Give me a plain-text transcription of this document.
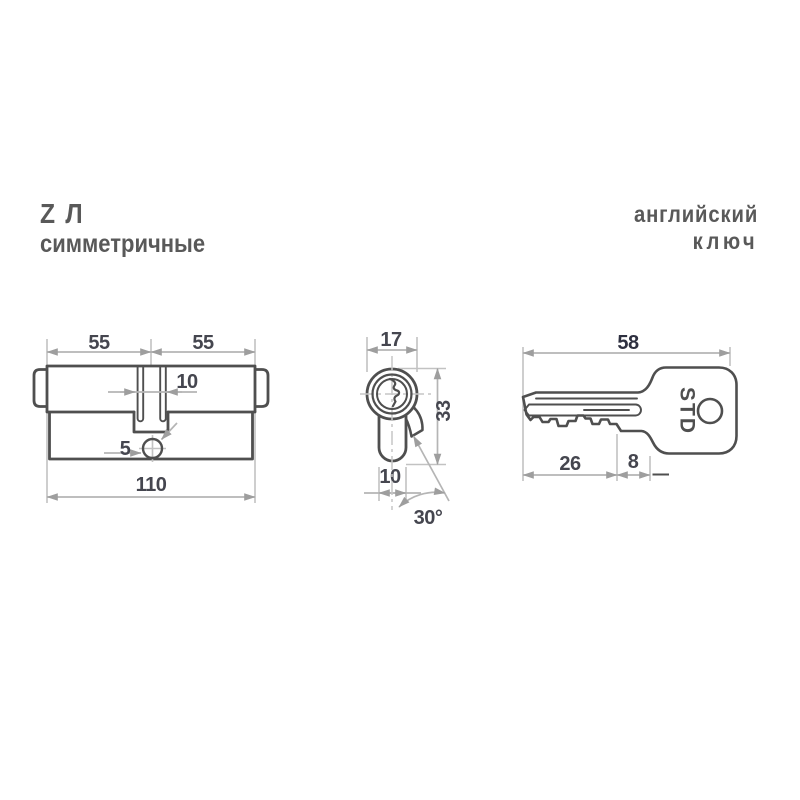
Z Л
симметричные
английский
ключ
55	55
110
10
5
17
33
10
30°
58
26 8
STD
